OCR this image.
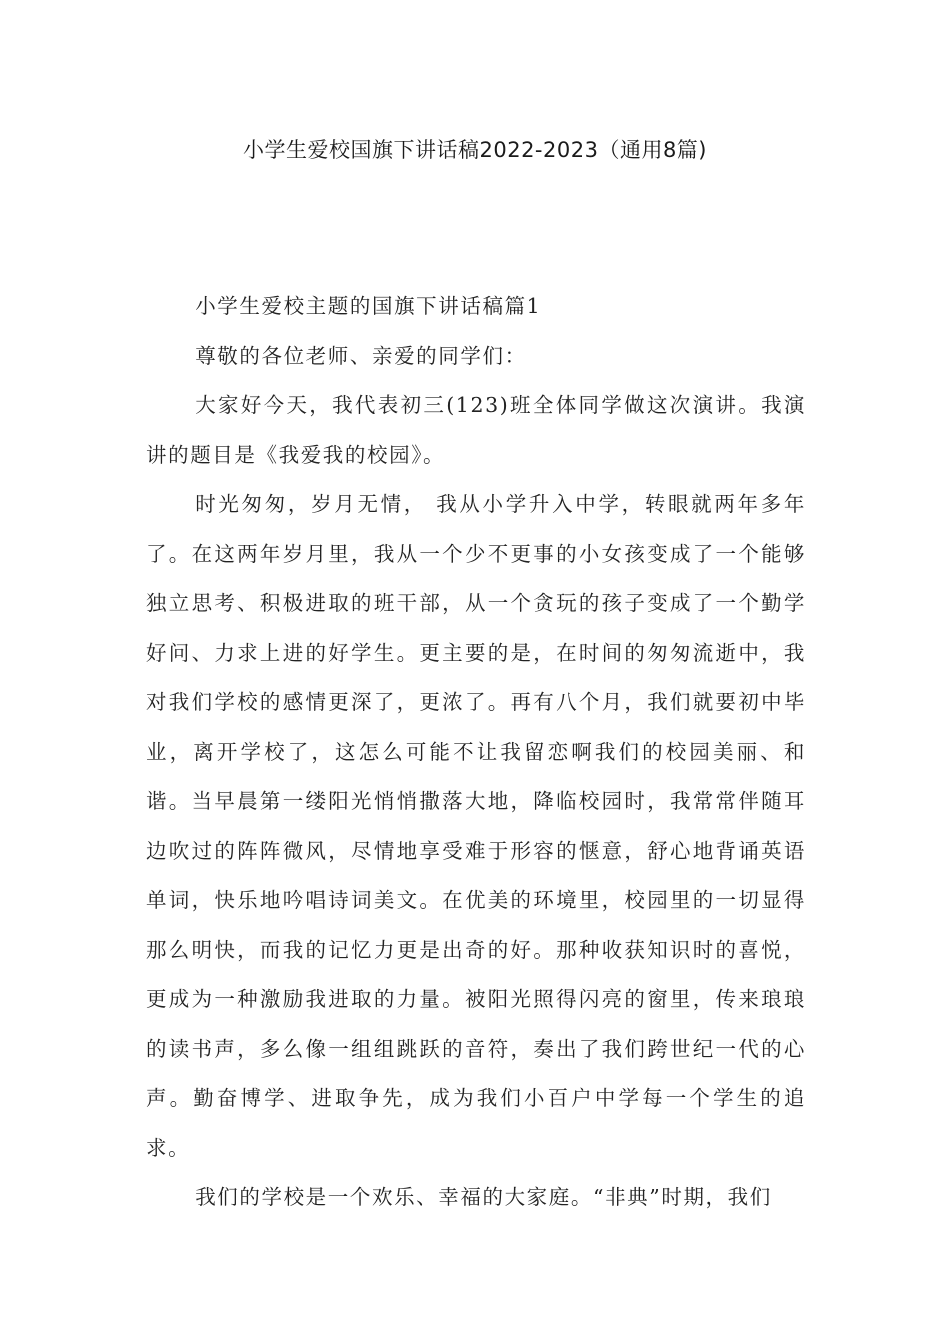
小学生爱校国旗下讲话稿2022-2023（通用8篇)

小学生爱校主题的国旗下讲话稿篇1

尊敬的各位老师、亲爱的同学们：

大家好今天，我代表初三(123)班全体同学做这次演讲。我演讲的题目是《我爱我的校园》。

时光匆匆，岁月无情， 我从小学升入中学，转眼就两年多年了。在这两年岁月里，我从一个少不更事的小女孩变成了一个能够独立思考、积极进取的班干部，从一个贪玩的孩子变成了一个勤学好问、力求上进的好学生。更主要的是，在时间的匆匆流逝中，我对我们学校的感情更深了，更浓了。再有八个月，我们就要初中毕业，离开学校了，这怎么可能不让我留恋啊我们的校园美丽、和谐。当早晨第一缕阳光悄悄撒落大地，降临校园时，我常常伴随耳边吹过的阵阵微风，尽情地享受难于形容的惬意，舒心地背诵英语单词，快乐地吟唱诗词美文。在优美的环境里，校园里的一切显得那么明快，而我的记忆力更是出奇的好。那种收获知识时的喜悦，更成为一种激励我进取的力量。被阳光照得闪亮的窗里，传来琅琅的读书声，多么像一组组跳跃的音符，奏出了我们跨世纪一代的心声。勤奋博学、进取争先，成为我们小百户中学每一个学生的追求。

我们的学校是一个欢乐、幸福的大家庭。“非典”时期，我们
